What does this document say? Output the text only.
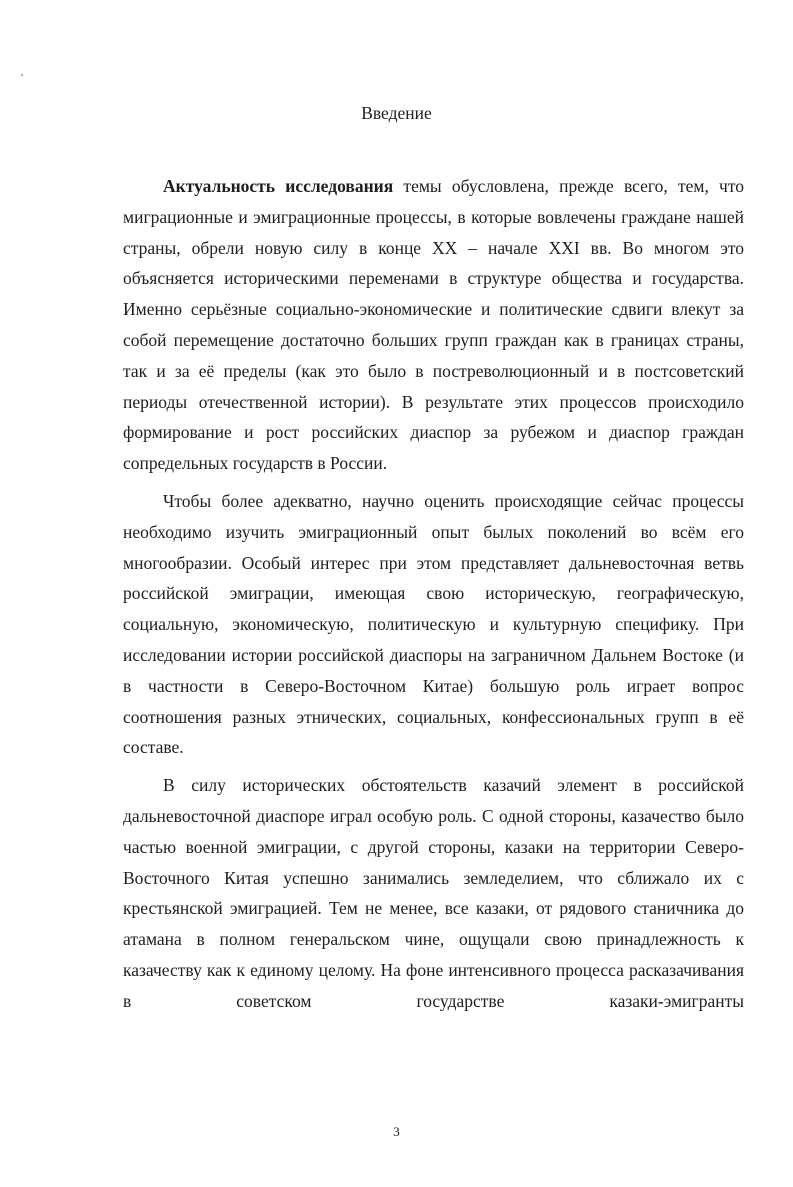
Введение

Актуальность исследования темы обусловлена, прежде всего, тем, что миграционные и эмиграционные процессы, в которые вовлечены граждане нашей страны, обрели новую силу в конце XX – начале XXI вв. Во многом это объясняется историческими переменами в структуре общества и государства. Именно серьёзные социально-экономические и политические сдвиги влекут за собой перемещение достаточно больших групп граждан как в границах страны, так и за её пределы (как это было в постреволюционный и в постсоветский периоды отечественной истории). В результате этих процессов происходило формирование и рост российских диаспор за рубежом и диаспор граждан сопредельных государств в России.

Чтобы более адекватно, научно оценить происходящие сейчас процессы необходимо изучить эмиграционный опыт былых поколений во всём его многообразии. Особый интерес при этом представляет дальневосточная ветвь российской эмиграции, имеющая свою историческую, географическую, социальную, экономическую, политическую и культурную специфику. При исследовании истории российской диаспоры на заграничном Дальнем Востоке (и в частности в Северо-Восточном Китае) большую роль играет вопрос соотношения разных этнических, социальных, конфессиональных групп в её составе.

В силу исторических обстоятельств казачий элемент в российской дальневосточной диаспоре играл особую роль. С одной стороны, казачество было частью военной эмиграции, с другой стороны, казаки на территории Северо-Восточного Китая успешно занимались земледелием, что сближало их с крестьянской эмиграцией. Тем не менее, все казаки, от рядового станичника до атамана в полном генеральском чине, ощущали свою принадлежность к казачеству как к единому целому. На фоне интенсивного процесса расказачивания в советском государстве казаки-эмигранты

3
